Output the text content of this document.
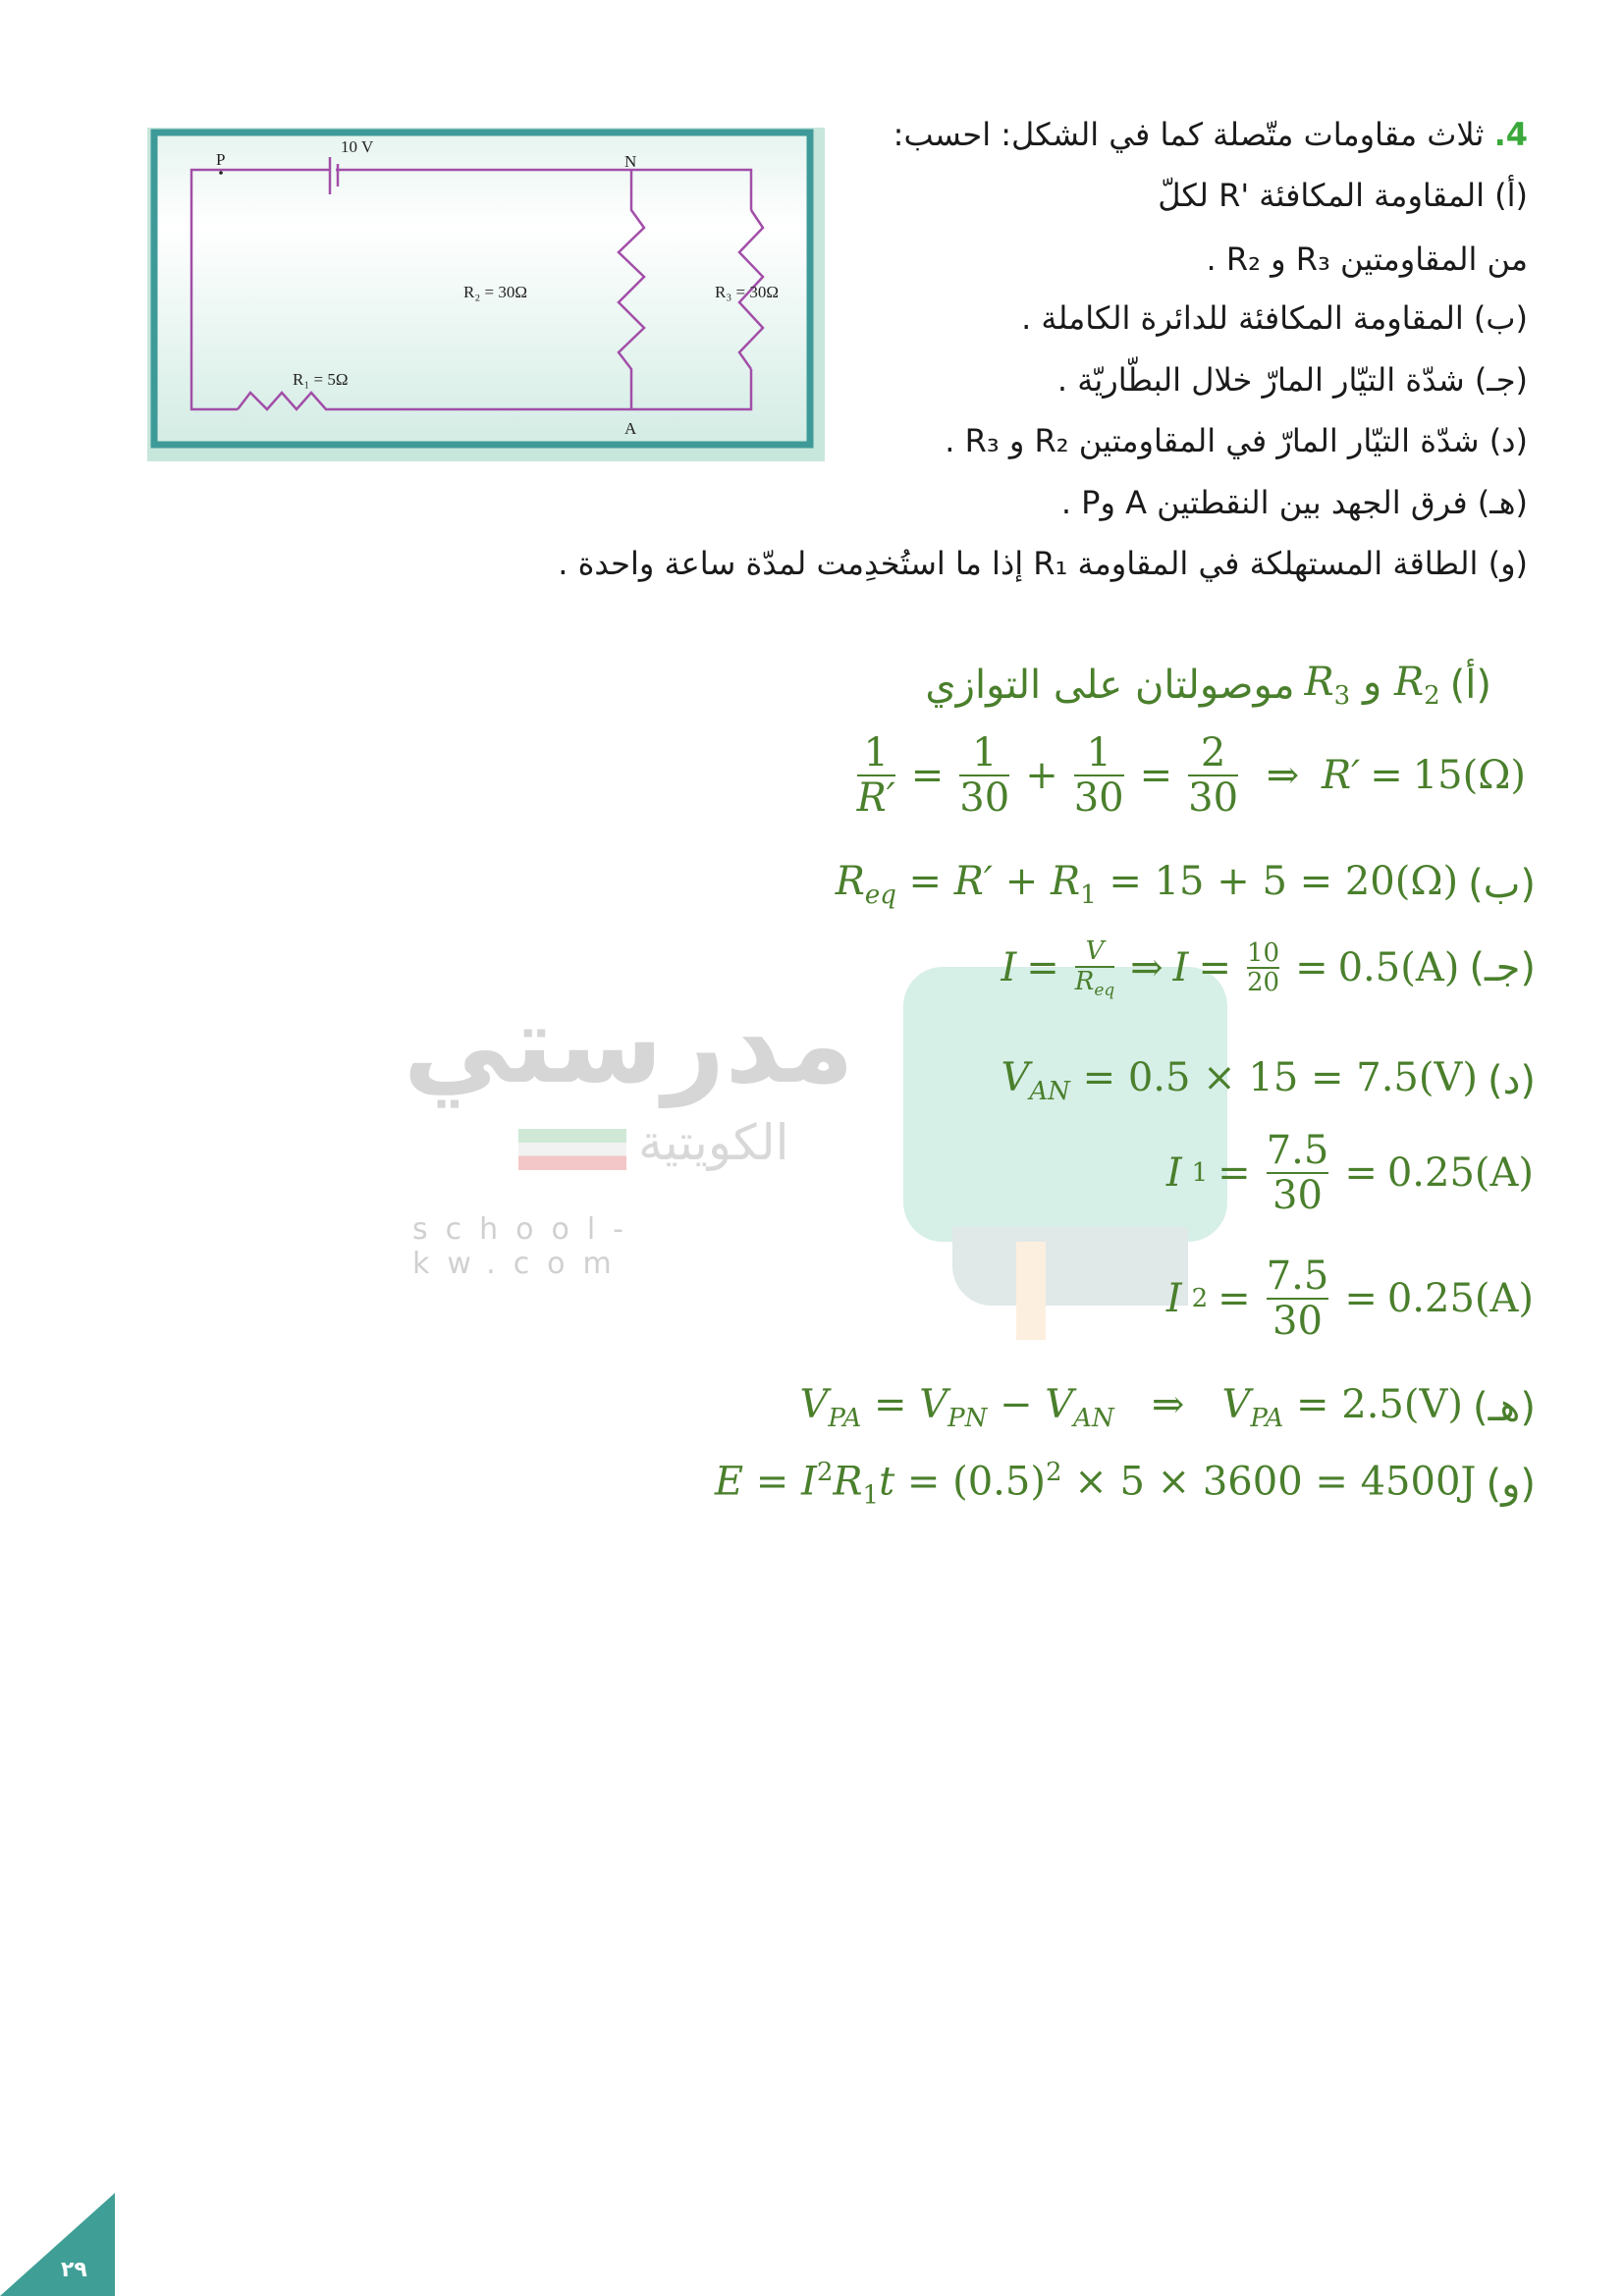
مدرستي
الكويتية
school-kw.com
10 V
P	N
A
R₁ = 5Ω
R₂ = 30Ω	R₃ = 30Ω
4. ثلاث مقاومات متّصلة كما في الشكل: احسب:
(أ) المقاومة المكافئة 'R لكلّ
من المقاومتين R₃ و R₂ .
(ب) المقاومة المكافئة للدائرة الكاملة .
(جـ) شدّة التيّار المارّ خلال البطّاريّة .
(د) شدّة التيّار المارّ في المقاومتين R₂ و R₃ .
(هـ) فرق الجهد بين النقطتين A وP .
(و) الطاقة المستهلكة في المقاومة R₁ إذا ما استُخدِمت لمدّة ساعة واحدة .
موصولتان على التوازي $R_3$ و $R_2$ (أ)
$\frac{1}{R'} = \frac{1}{30} + \frac{1}{30} = \frac{2}{30}$ ⇒ R′ = 15(Ω)
$R_{eq} = R' + R_1 = 15 + 5 = 20(\Omega)$ (ب)
$I = \frac{V}{R_{eq}}$ ⇒ $I = \frac{10}{20} = 0.5(A)$ (جـ)
$V_{AN} = 0.5 \times 15 = 7.5(V)$ (د)
I $1 = \frac{7.5}{30} = 0.25(A)$
I $2 = \frac{7.5}{30} = 0.25(A)$
$V_{PA} = V_{PN} - V_{AN}$   ⇒   $V_{PA} = 2.5(V)$ (هـ)
$E = I^2R_1t = (0.5)^2 \times 5 \times 3600 = 4500J$ (و)
٢٩
